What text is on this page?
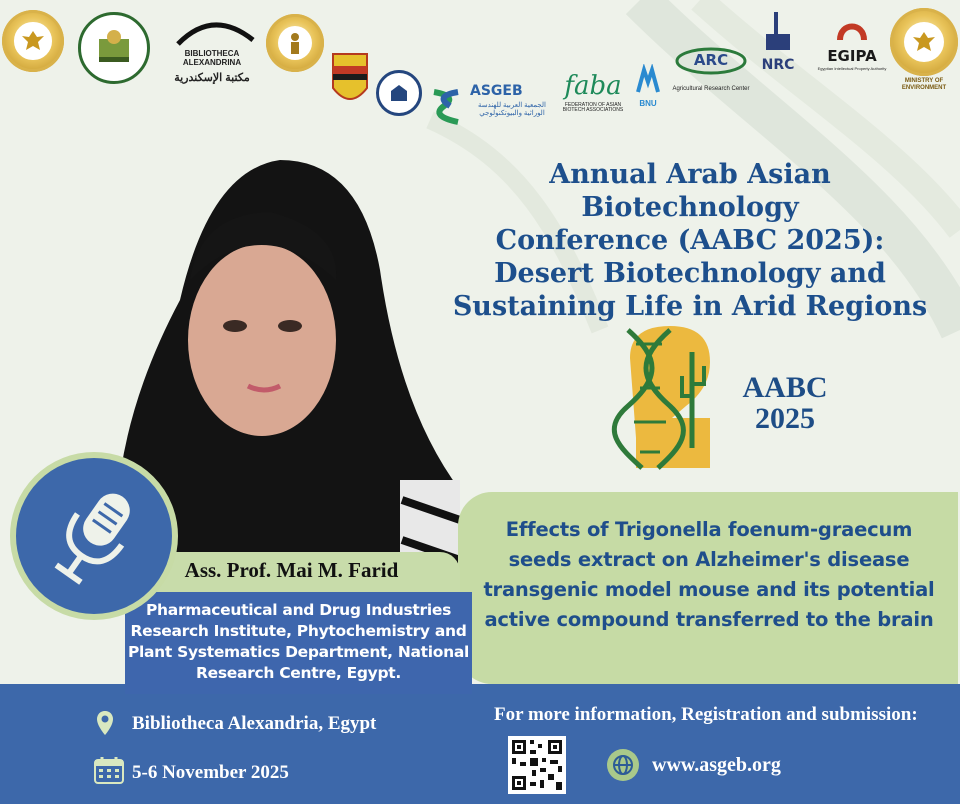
BIBLIOTHECA ALEXANDRINA
مكتبة الإسكندرية
ASGEB
الجمعية العربية للهندسة الوراثية والبيوتكنولوجي
faba
FEDERATION OF ASIAN BIOTECH ASSOCIATIONS
BNU
ARC
Agricultural Research Center
NRC	EGIPA
Egyptian Intellectual Property Authority
MINISTRY OF ENVIRONMENT
Annual Arab Asian Biotechnology
Conference (AABC 2025):
Desert Biotechnology and
Sustaining Life in Arid Regions
AABC
2025
Effects of Trigonella foenum-graecum
seeds extract on Alzheimer's disease
transgenic model mouse and its potential
active compound transferred to the brain
Pharmaceutical and Drug Industries
Research Institute, Phytochemistry and
Plant Systematics Department, National
Research Centre, Egypt.
Ass. Prof. Mai M. Farid
Bibliotheca Alexandria, Egypt
5-6 November 2025
For more information, Registration and submission:
www.asgeb.org
